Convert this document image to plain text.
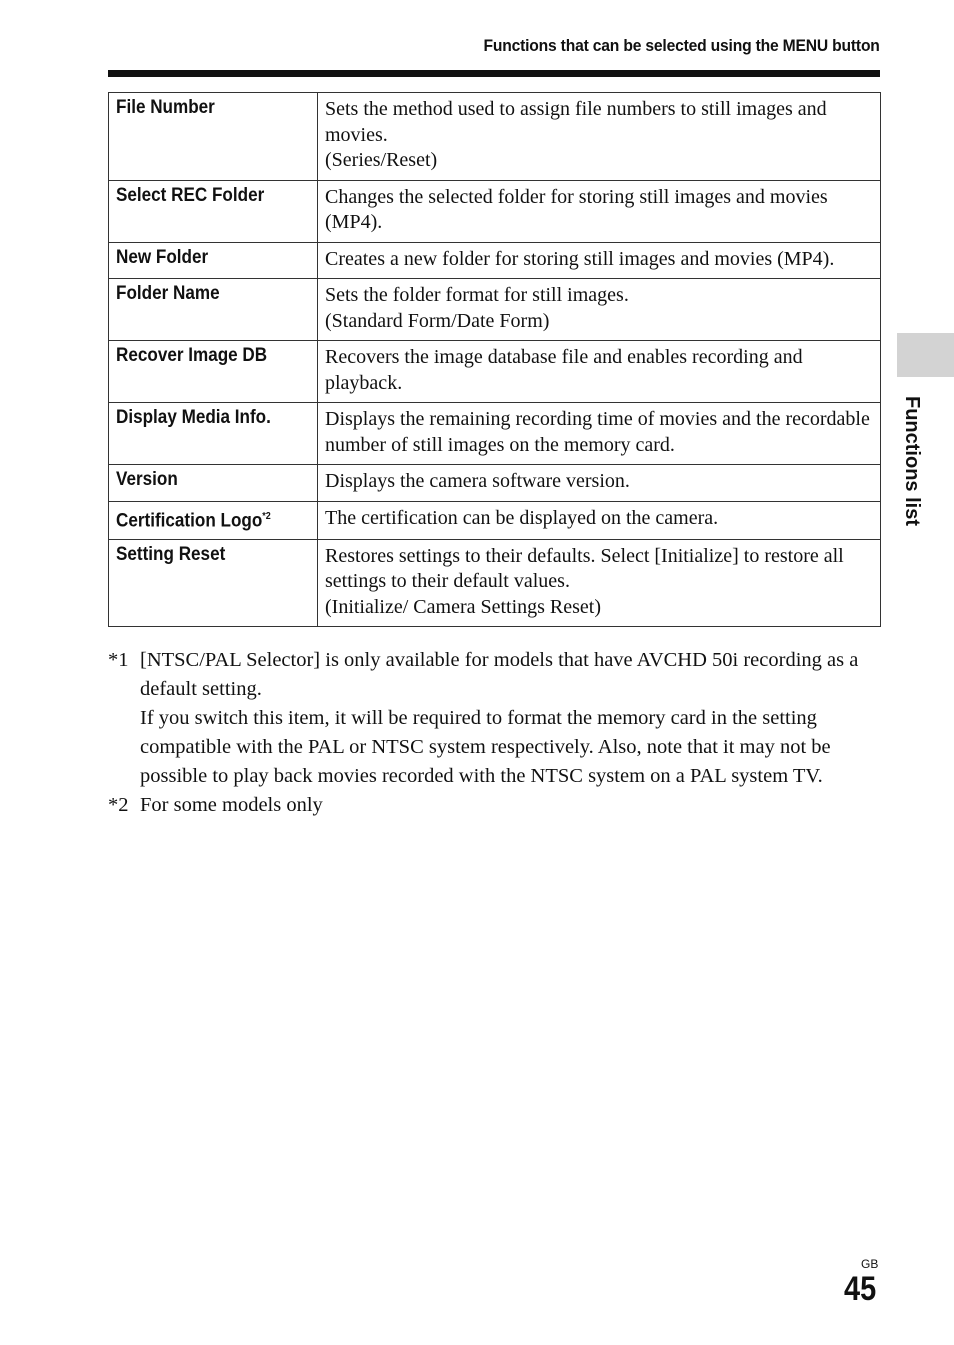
Functions that can be selected using the MENU button
File Number	Sets the method used to assign file numbers to still images and movies.
(Series/Reset)

Select REC Folder	Changes the selected folder for storing still images and movies (MP4).

New Folder	Creates a new folder for storing still images and movies (MP4).

Folder Name	Sets the folder format for still images.
(Standard Form/Date Form)

Recover Image DB	Recovers the image database file and enables recording and playback.

Display Media Info.	Displays the remaining recording time of movies and the recordable number of still images on the memory card.

Version	Displays the camera software version.

Certification Logo$^{*2}$	The certification can be displayed on the camera.

Setting Reset	Restores settings to their defaults. Select [Initialize] to restore all settings to their default values.
(Initialize/ Camera Settings Reset)
*1 [NTSC/PAL Selector] is only available for models that have AVCHD 50i recording as a default setting.
If you switch this item, it will be required to format the memory card in the setting compatible with the PAL or NTSC system respectively. Also, note that it may not be possible to play back movies recorded with the NTSC system on a PAL system TV.
*2 For some models only
Functions list
GB
45
